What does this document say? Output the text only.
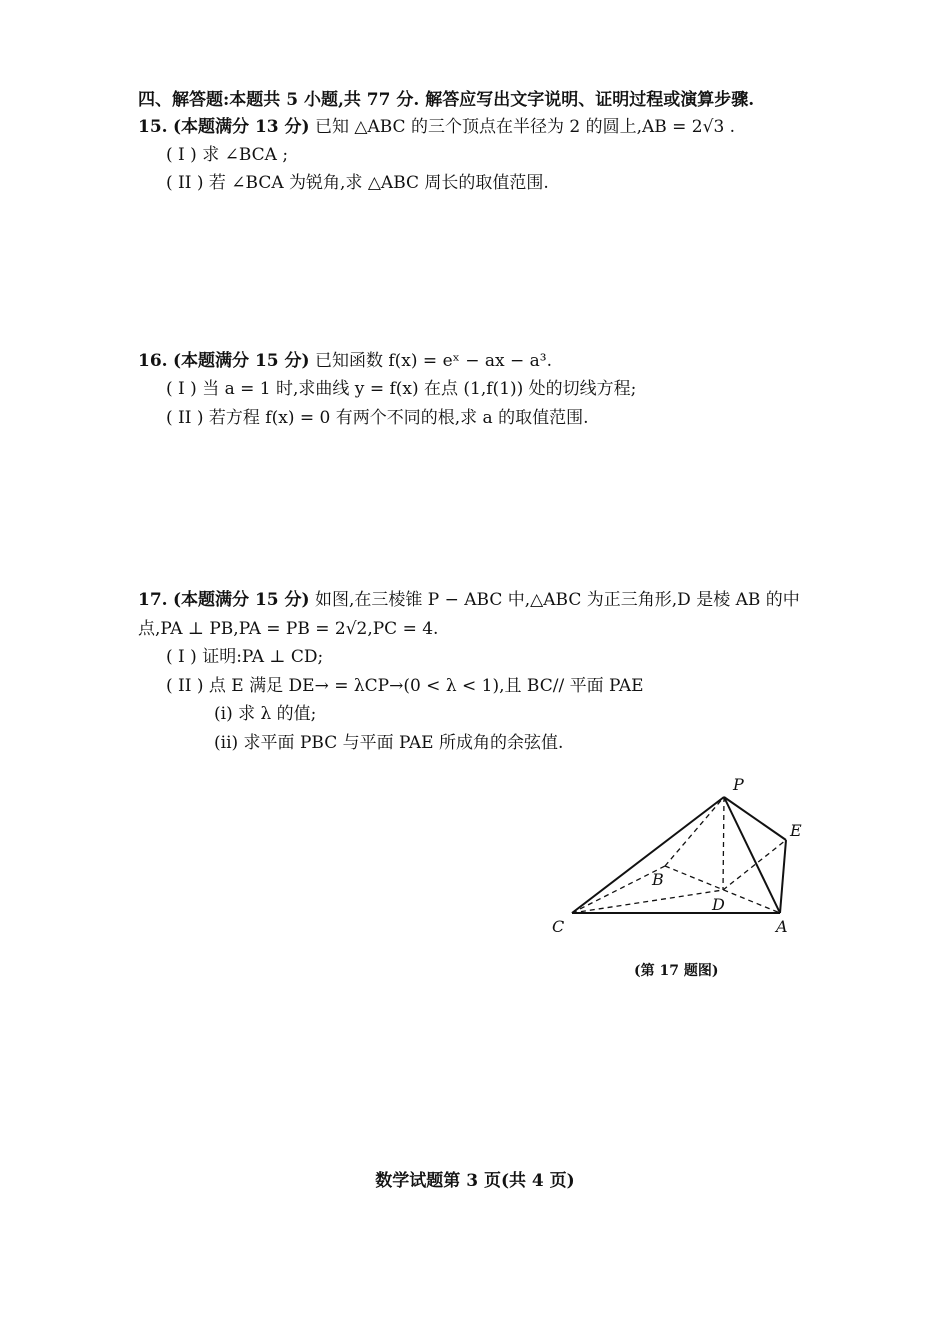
四、解答题:本题共 5 小题,共 77 分. 解答应写出文字说明、证明过程或演算步骤.
15. (本题满分 13 分) 已知 △ABC 的三个顶点在半径为 2 的圆上,AB = 2√3 .
( I ) 求 ∠BCA ;
( II ) 若 ∠BCA 为锐角,求 △ABC 周长的取值范围.
16. (本题满分 15 分) 已知函数 f(x) = eˣ − ax − a³.
( I ) 当 a = 1 时,求曲线 y = f(x) 在点 (1,f(1)) 处的切线方程;
( II ) 若方程 f(x) = 0 有两个不同的根,求 a 的取值范围.
17. (本题满分 15 分) 如图,在三棱锥 P − ABC 中,△ABC 为正三角形,D 是棱 AB 的中
点,PA ⊥ PB,PA = PB = 2√2,PC = 4.
( I ) 证明:PA ⊥ CD;
( II ) 点 E 满足 DE→ = λCP→(0 < λ < 1),且 BC// 平面 PAE
(i) 求 λ 的值;
(ii) 求平面 PBC 与平面 PAE 所成角的余弦值.
P
E
B
D
C	A
(第 17 题图)
数学试题第 3 页(共 4 页)
